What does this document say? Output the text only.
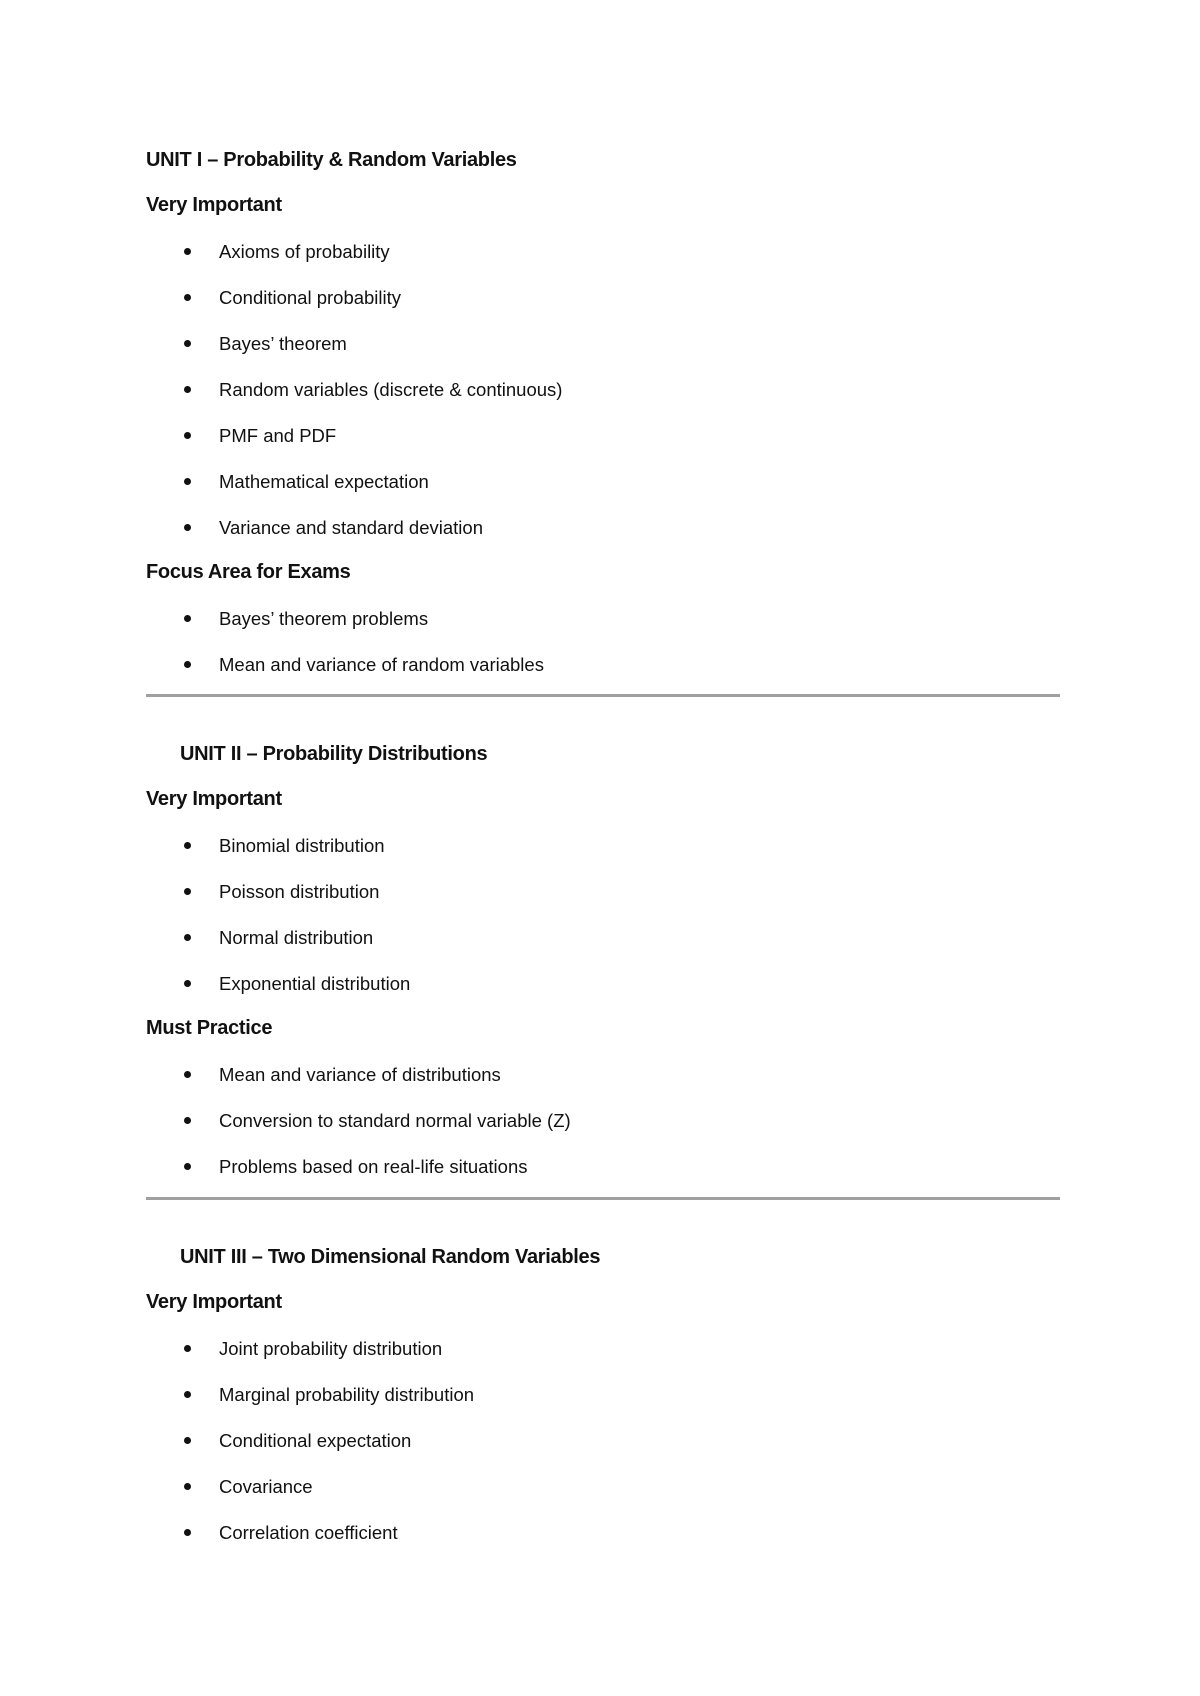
UNIT I – Probability & Random Variables
Very Important
Axioms of probability
Conditional probability
Bayes’ theorem
Random variables (discrete & continuous)
PMF and PDF
Mathematical expectation
Variance and standard deviation
Focus Area for Exams
Bayes’ theorem problems
Mean and variance of random variables
UNIT II – Probability Distributions
Very Important
Binomial distribution
Poisson distribution
Normal distribution
Exponential distribution
Must Practice
Mean and variance of distributions
Conversion to standard normal variable (Z)
Problems based on real-life situations
UNIT III – Two Dimensional Random Variables
Very Important
Joint probability distribution
Marginal probability distribution
Conditional expectation
Covariance
Correlation coefficient
